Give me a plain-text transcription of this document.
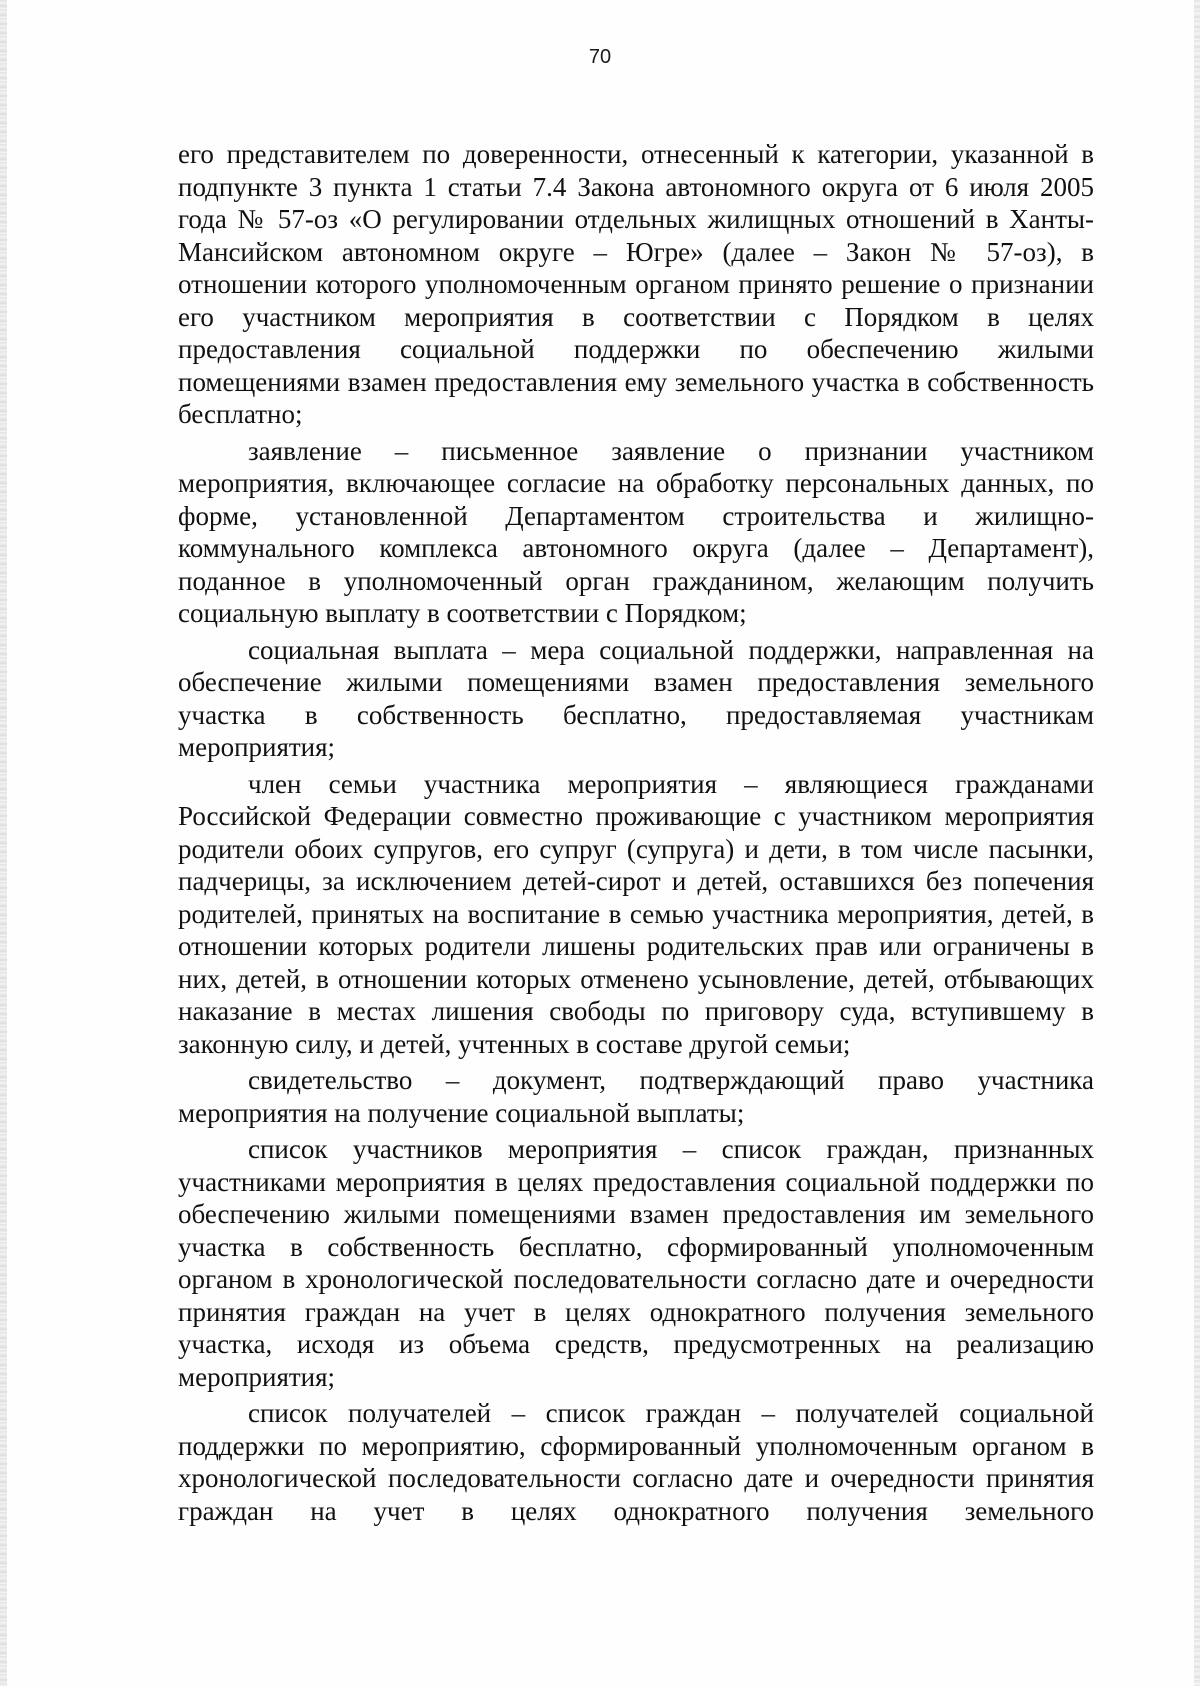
70

его представителем по доверенности, отнесенный к категории, указанной в подпункте 3 пункта 1 статьи 7.4 Закона автономного округа от 6 июля 2005 года № 57-оз «О регулировании отдельных жилищных отношений в Ханты-Мансийском автономном округе – Югре» (далее – Закон № 57-оз), в отношении которого уполномоченным органом принято решение о признании его участником мероприятия в соответствии с Порядком в целях предоставления социальной поддержки по обеспечению жилыми помещениями взамен предоставления ему земельного участка в собственность бесплатно;

заявление – письменное заявление о признании участником мероприятия, включающее согласие на обработку персональных данных, по форме, установленной Департаментом строительства и жилищно-коммунального комплекса автономного округа (далее – Департамент), поданное в уполномоченный орган гражданином, желающим получить социальную выплату в соответствии с Порядком;

социальная выплата – мера социальной поддержки, направленная на обеспечение жилыми помещениями взамен предоставления земельного участка в собственность бесплатно, предоставляемая участникам мероприятия;

член семьи участника мероприятия – являющиеся гражданами Российской Федерации совместно проживающие с участником мероприятия родители обоих супругов, его супруг (супруга) и дети, в том числе пасынки, падчерицы, за исключением детей-сирот и детей, оставшихся без попечения родителей, принятых на воспитание в семью участника мероприятия, детей, в отношении которых родители лишены родительских прав или ограничены в них, детей, в отношении которых отменено усыновление, детей, отбывающих наказание в местах лишения свободы по приговору суда, вступившему в законную силу, и детей, учтенных в составе другой семьи;

свидетельство – документ, подтверждающий право участника мероприятия на получение социальной выплаты;

список участников мероприятия – список граждан, признанных участниками мероприятия в целях предоставления социальной поддержки по обеспечению жилыми помещениями взамен предоставления им земельного участка в собственность бесплатно, сформированный уполномоченным органом в хронологической последовательности согласно дате и очередности принятия граждан на учет в целях однократного получения земельного участка, исходя из объема средств, предусмотренных на реализацию мероприятия;

список получателей – список граждан – получателей социальной поддержки по мероприятию, сформированный уполномоченным органом в хронологической последовательности согласно дате и очередности принятия граждан на учет в целях однократного получения земельного
